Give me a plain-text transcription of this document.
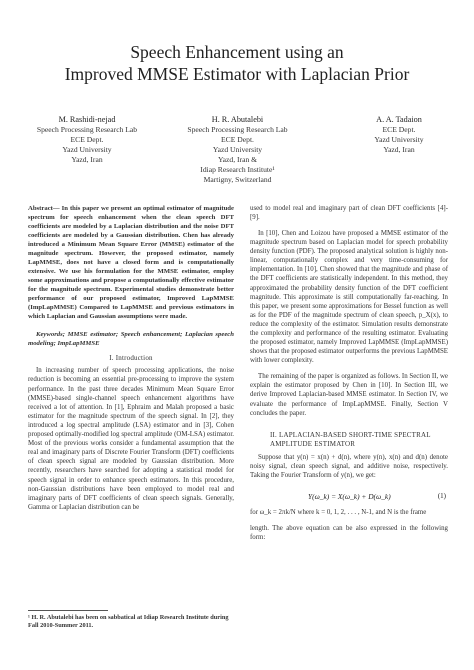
Speech Enhancement using an
Improved MMSE Estimator with Laplacian Prior
M. Rashidi-nejad
Speech Processing Research Lab
ECE Dept.
Yazd University
Yazd, Iran
H. R. Abutalebi
Speech Processing Research Lab
ECE Dept.
Yazd University
Yazd, Iran &
Idiap Research Institute¹
Martigny, Switzerland
A. A. Tadaion
ECE Dept.
Yazd University
Yazd, Iran

Abstract— In this paper we present an optimal estimator of magnitude spectrum for speech enhancement when the clean speech DFT coefficients are modeled by a Laplacian distribution and the noise DFT coefficients are modeled by a Gaussian distribution. Chen has already introduced a Minimum Mean Square Error (MMSE) estimator of the magnitude spectrum. However, the proposed estimator, namely LapMMSE, does not have a closed form and is computationally extensive. We use his formulation for the MMSE estimator, employ some approximations and propose a computationally effective estimator for the magnitude spectrum. Experimental studies demonstrate better performance of our proposed estimator, Improved LapMMSE (ImpLapMMSE) Compared to LapMMSE and previous estimators in which Laplacian and Gaussian assumptions were made.

Keywords; MMSE estimator; Speech enhancement; Laplacian speech modeling; ImpLapMMSE

I. Introduction

In increasing number of speech processing applications, the noise reduction is becoming an essential pre-processing to improve the system performance. In the past three decades Minimum Mean Square Error (MMSE)-based single-channel speech enhancement algorithms have received a lot of attention. In [1], Ephraim and Malah proposed a basic estimator for the magnitude spectrum of the speech signal. In [2], they introduced a log spectral amplitude (LSA) estimator and in [3], Cohen proposed optimally-modified log spectral amplitude (OM-LSA) estimator. Most of the previous works consider a fundamental assumption that the real and imaginary parts of Discrete Fourier Transform (DFT) coefficients of clean speech signal are modeled by Gaussian distribution. More recently, researchers have searched for adopting a statistical model for speech signal in order to enhance speech estimators. In this procedure, non-Gaussian distributions have been employed to model real and imaginary parts of DFT coefficients of clean speech signals. Generally, Gamma or Laplacian distribution can be

¹ H. R. Abutalebi has been on sabbatical at Idiap Research Institute during Fall 2010-Summer 2011.

used to model real and imaginary part of clean DFT coefficients [4]-[9].

In [10], Chen and Loizou have proposed a MMSE estimator of the magnitude spectrum based on Laplacian model for speech probability density function (PDF). The proposed analytical solution is highly non-linear, computationally complex and very time-consuming for implementation. In [10], Chen showed that the magnitude and phase of the DFT coefficients are statistically independent. In this method, they approximated the probability density function of the DFT coefficient magnitude. This approximate is still computationally far-reaching. In this paper, we present some approximations for Bessel function as well as for the PDF of the magnitude spectrum of clean speech, p_X(x), to reduce the complexity of the estimator. Simulation results demonstrate the complexity and performance of the resulting estimator. Evaluating the proposed estimator, namely Improved LapMMSE (ImpLapMMSE) shows that the proposed estimator outperforms the previous LapMMSE with lower complexity.

The remaining of the paper is organized as follows. In Section II, we explain the estimator proposed by Chen in [10]. In Section III, we derive Improved Laplacian-based MMSE estimator. In Section IV, we evaluate the performance of ImpLapMMSE. Finally, Section V concludes the paper.

II. LAPLACIAN-BASED SHORT-TIME SPECTRAL AMPLITUDE ESTIMATOR

Suppose that y(n) = x(n) + d(n), where y(n), x(n) and d(n) denote noisy signal, clean speech signal, and additive noise, respectively. Taking the Fourier Transform of y(n), we get:

Y(ω_k) = X(ω_k) + D(ω_k)	(1)

for ω_k = 2πk/N where k = 0, 1, 2, . . . , N-1, and N is the frame

length. The above equation can be also expressed in the following form:
